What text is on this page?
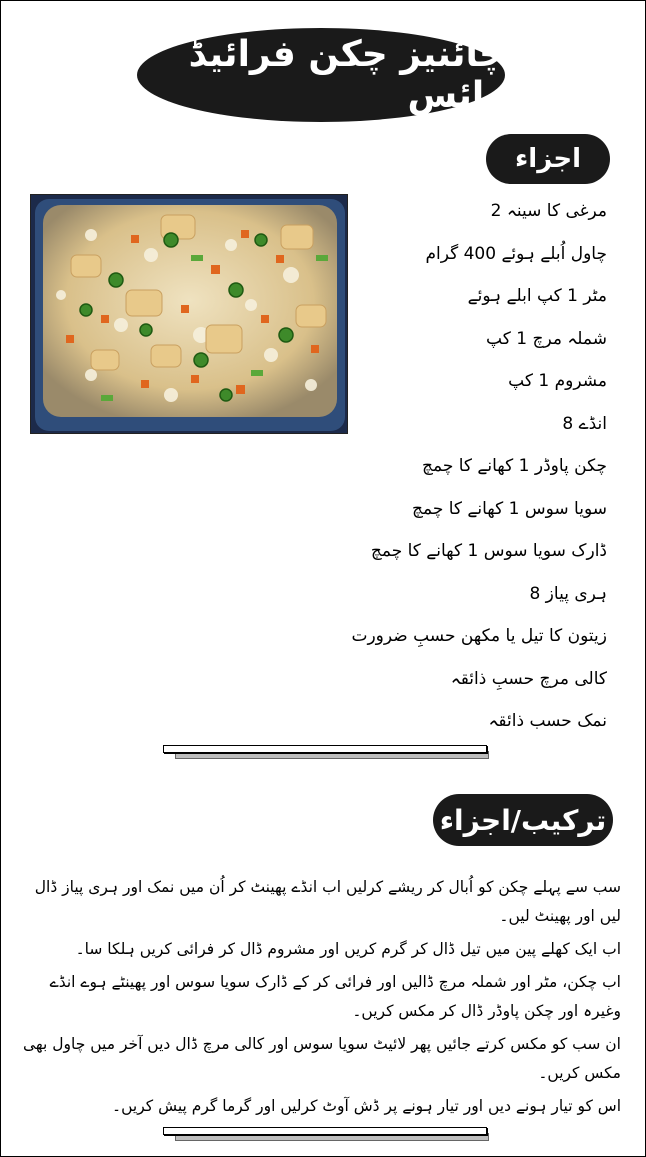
چائنیز چکن فرائیڈ رائس
اجزاء
مرغی کا سینہ 2
چاول اُبلے ہوئے 400 گرام
مٹر 1 کپ ابلے ہوئے
شملہ مرچ 1 کپ
مشروم 1 کپ
انڈے 8
چکن پاوڈر 1 کھانے کا چمچ
سویا سوس 1 کھانے کا چمچ
ڈارک سویا سوس 1 کھانے کا چمچ
ہری پیاز 8
زیتون کا تیل یا مکھن حسبِ ضرورت
کالی مرچ حسبِ ذائقہ
نمک حسب ذائقہ
ترکیب/اجزاء
سب سے پہلے چکن کو اُبال کر ریشے کرلیں اب انڈے پھینٹ کر اُن میں نمک اور ہری پیاز ڈال لیں اور پھینٹ لیں۔
اب ایک کھلے پین میں تیل ڈال کر گرم کریں اور مشروم ڈال کر فرائی کریں ہلکا سا۔
اب چکن، مٹر اور شملہ مرچ ڈالیں اور فرائی کر کے ڈارک سویا سوس اور پھینٹے ہوے انڈے وغیرہ اور چکن پاوڈر ڈال کر مکس کریں۔
ان سب کو مکس کرتے جائیں پھر لائیٹ سویا سوس اور کالی مرچ ڈال دیں آخر میں چاول بھی مکس کریں۔
اس کو تیار ہونے دیں اور تیار ہونے پر ڈش آوٹ کرلیں اور گرما گرم پیش کریں۔
